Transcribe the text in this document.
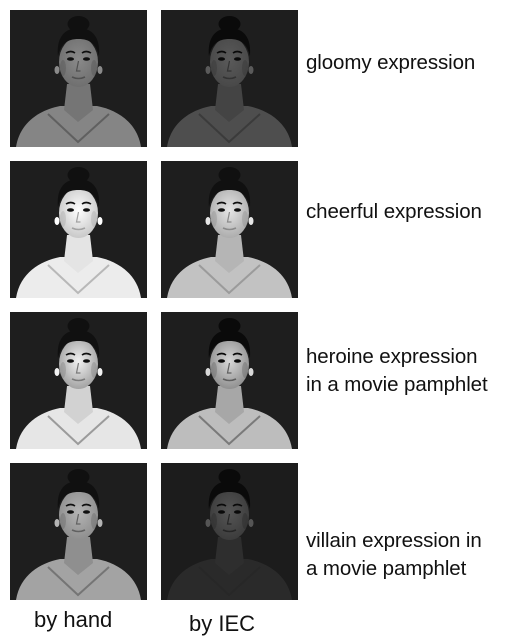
gloomy expression
cheerful expression
heroine expression
in a movie pamphlet
villain expression in
a movie pamphlet
by hand	by IEC
